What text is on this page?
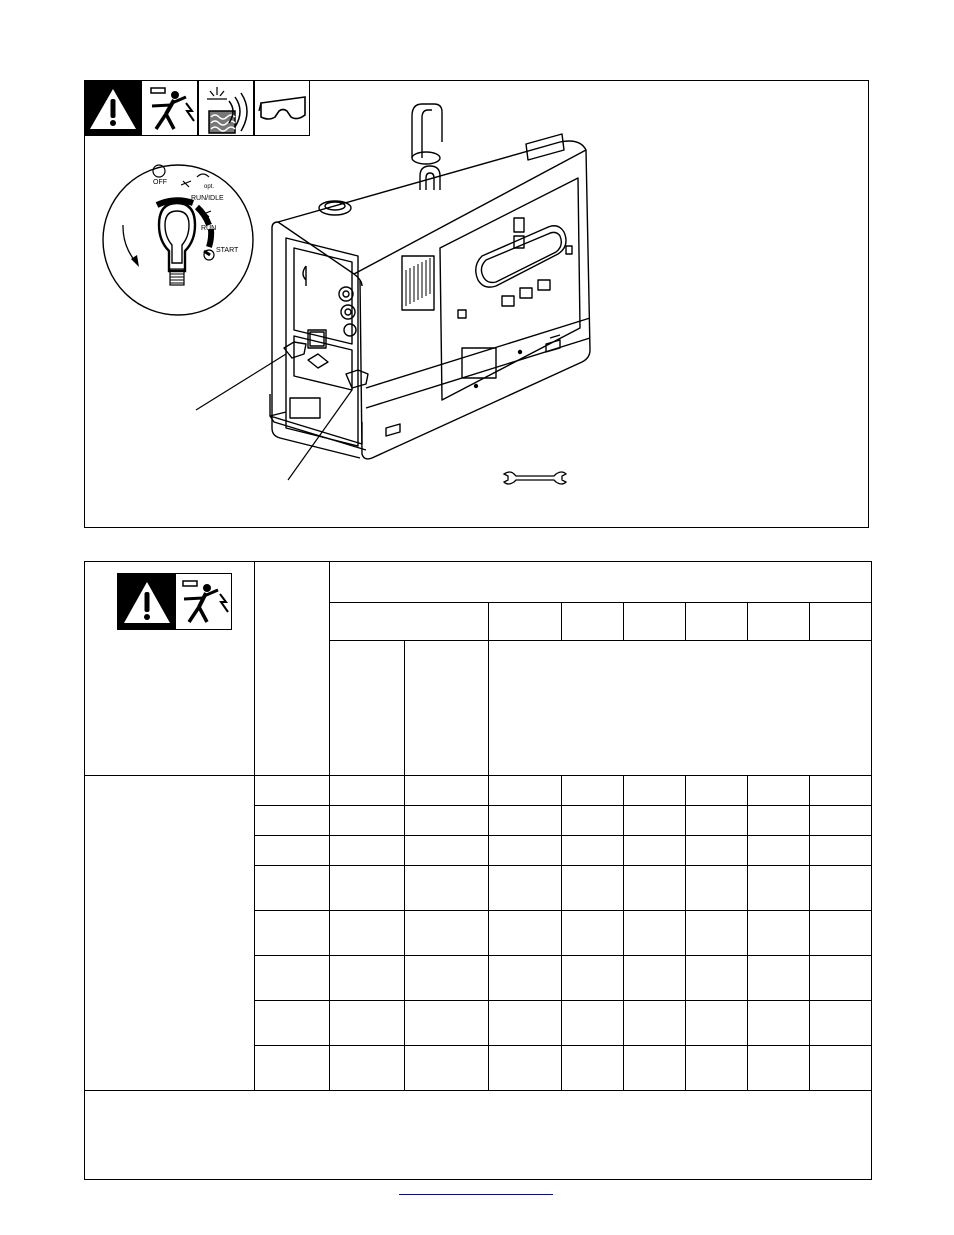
OFF
opt.
RUN/IDLE
RUN
START
